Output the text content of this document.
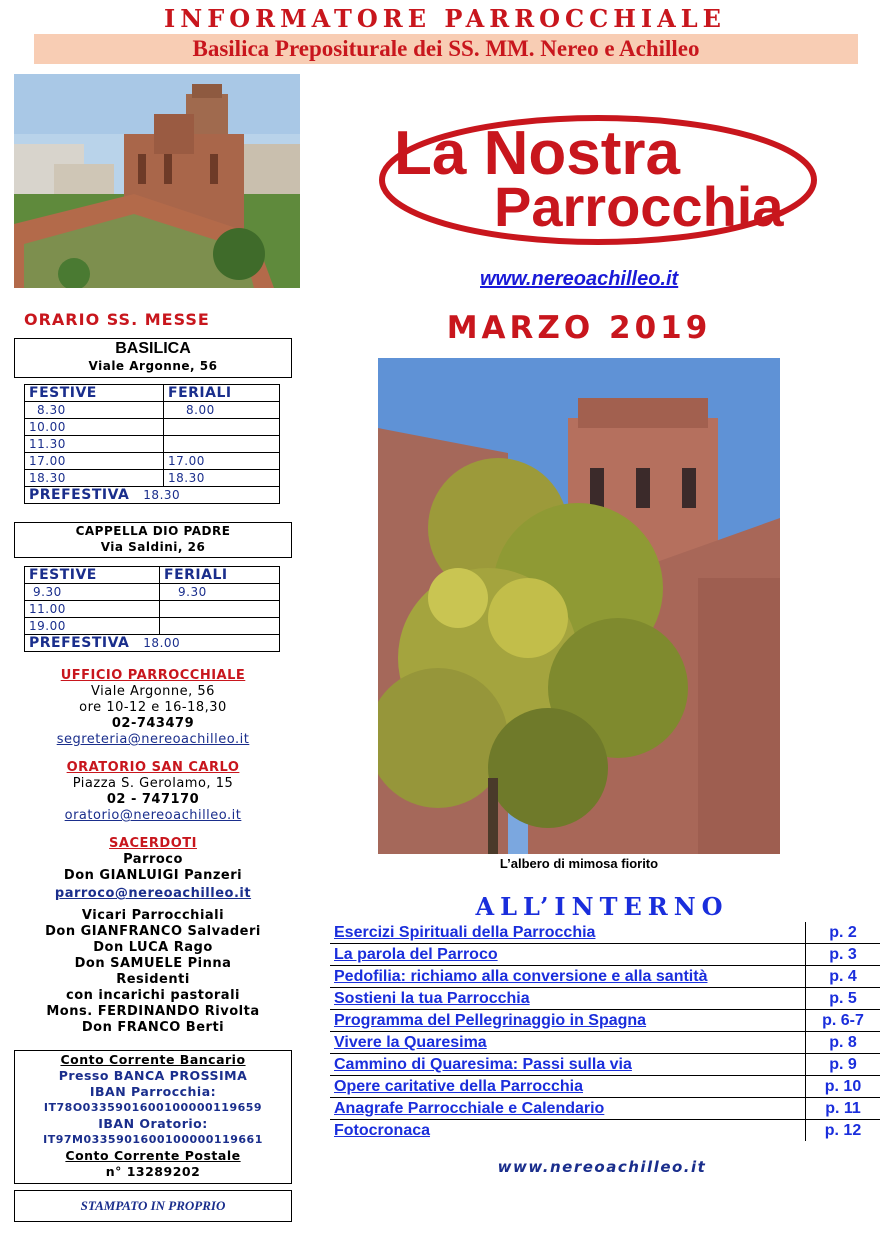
INFORMATORE PARROCCHIALE
Basilica Prepositurale dei SS. MM. Nereo e Achilleo
La Nostra
Parrocchia
www.nereoachilleo.it
MARZO 2019
L’albero di mimosa fiorito
ORARIO SS. MESSE
BASILICA
Viale Argonne, 56
FESTIVE	FERIALI
8.30	8.00
10.00	
11.30	
17.00	17.00
18.30	18.30
PREFESTIVA 18.30	
CAPPELLA DIO PADRE
Via Saldini, 26
FESTIVE	FERIALI
9.30	9.30
11.00	
19.00	
PREFESTIVA 18.00	
UFFICIO PARROCCHIALE
Viale Argonne, 56
ore 10-12 e 16-18,30
02-743479
segreteria@nereoachilleo.it
ORATORIO SAN CARLO
Piazza S. Gerolamo, 15
02 - 747170
oratorio@nereoachilleo.it
SACERDOTI
Parroco
Don GIANLUIGI Panzeri
parroco@nereoachilleo.it
Vicari Parrocchiali
Don GIANFRANCO Salvaderi
Don LUCA Rago
Don SAMUELE Pinna
Residenti
con incarichi pastorali
Mons. FERDINANDO Rivolta
Don FRANCO Berti
Conto Corrente Bancario
Presso BANCA PROSSIMA
IBAN Parrocchia:
IT78O0335901600100000119659
IBAN Oratorio:
IT97M0335901600100000119661
Conto Corrente Postale
n° 13289202
STAMPATO IN PROPRIO
ALL’INTERNO
Esercizi Spirituali della Parrocchia	p. 2
La parola del Parroco	p. 3
Pedofilia: richiamo alla conversione e alla santità	p. 4
Sostieni la tua Parrocchia	p. 5
Programma del Pellegrinaggio in Spagna	p. 6-7
Vivere la Quaresima	p. 8
Cammino di Quaresima: Passi sulla via	p. 9
Opere caritative della Parrocchia	p. 10
Anagrafe Parrocchiale e Calendario	p. 11
Fotocronaca	p. 12
www.nereoachilleo.it
